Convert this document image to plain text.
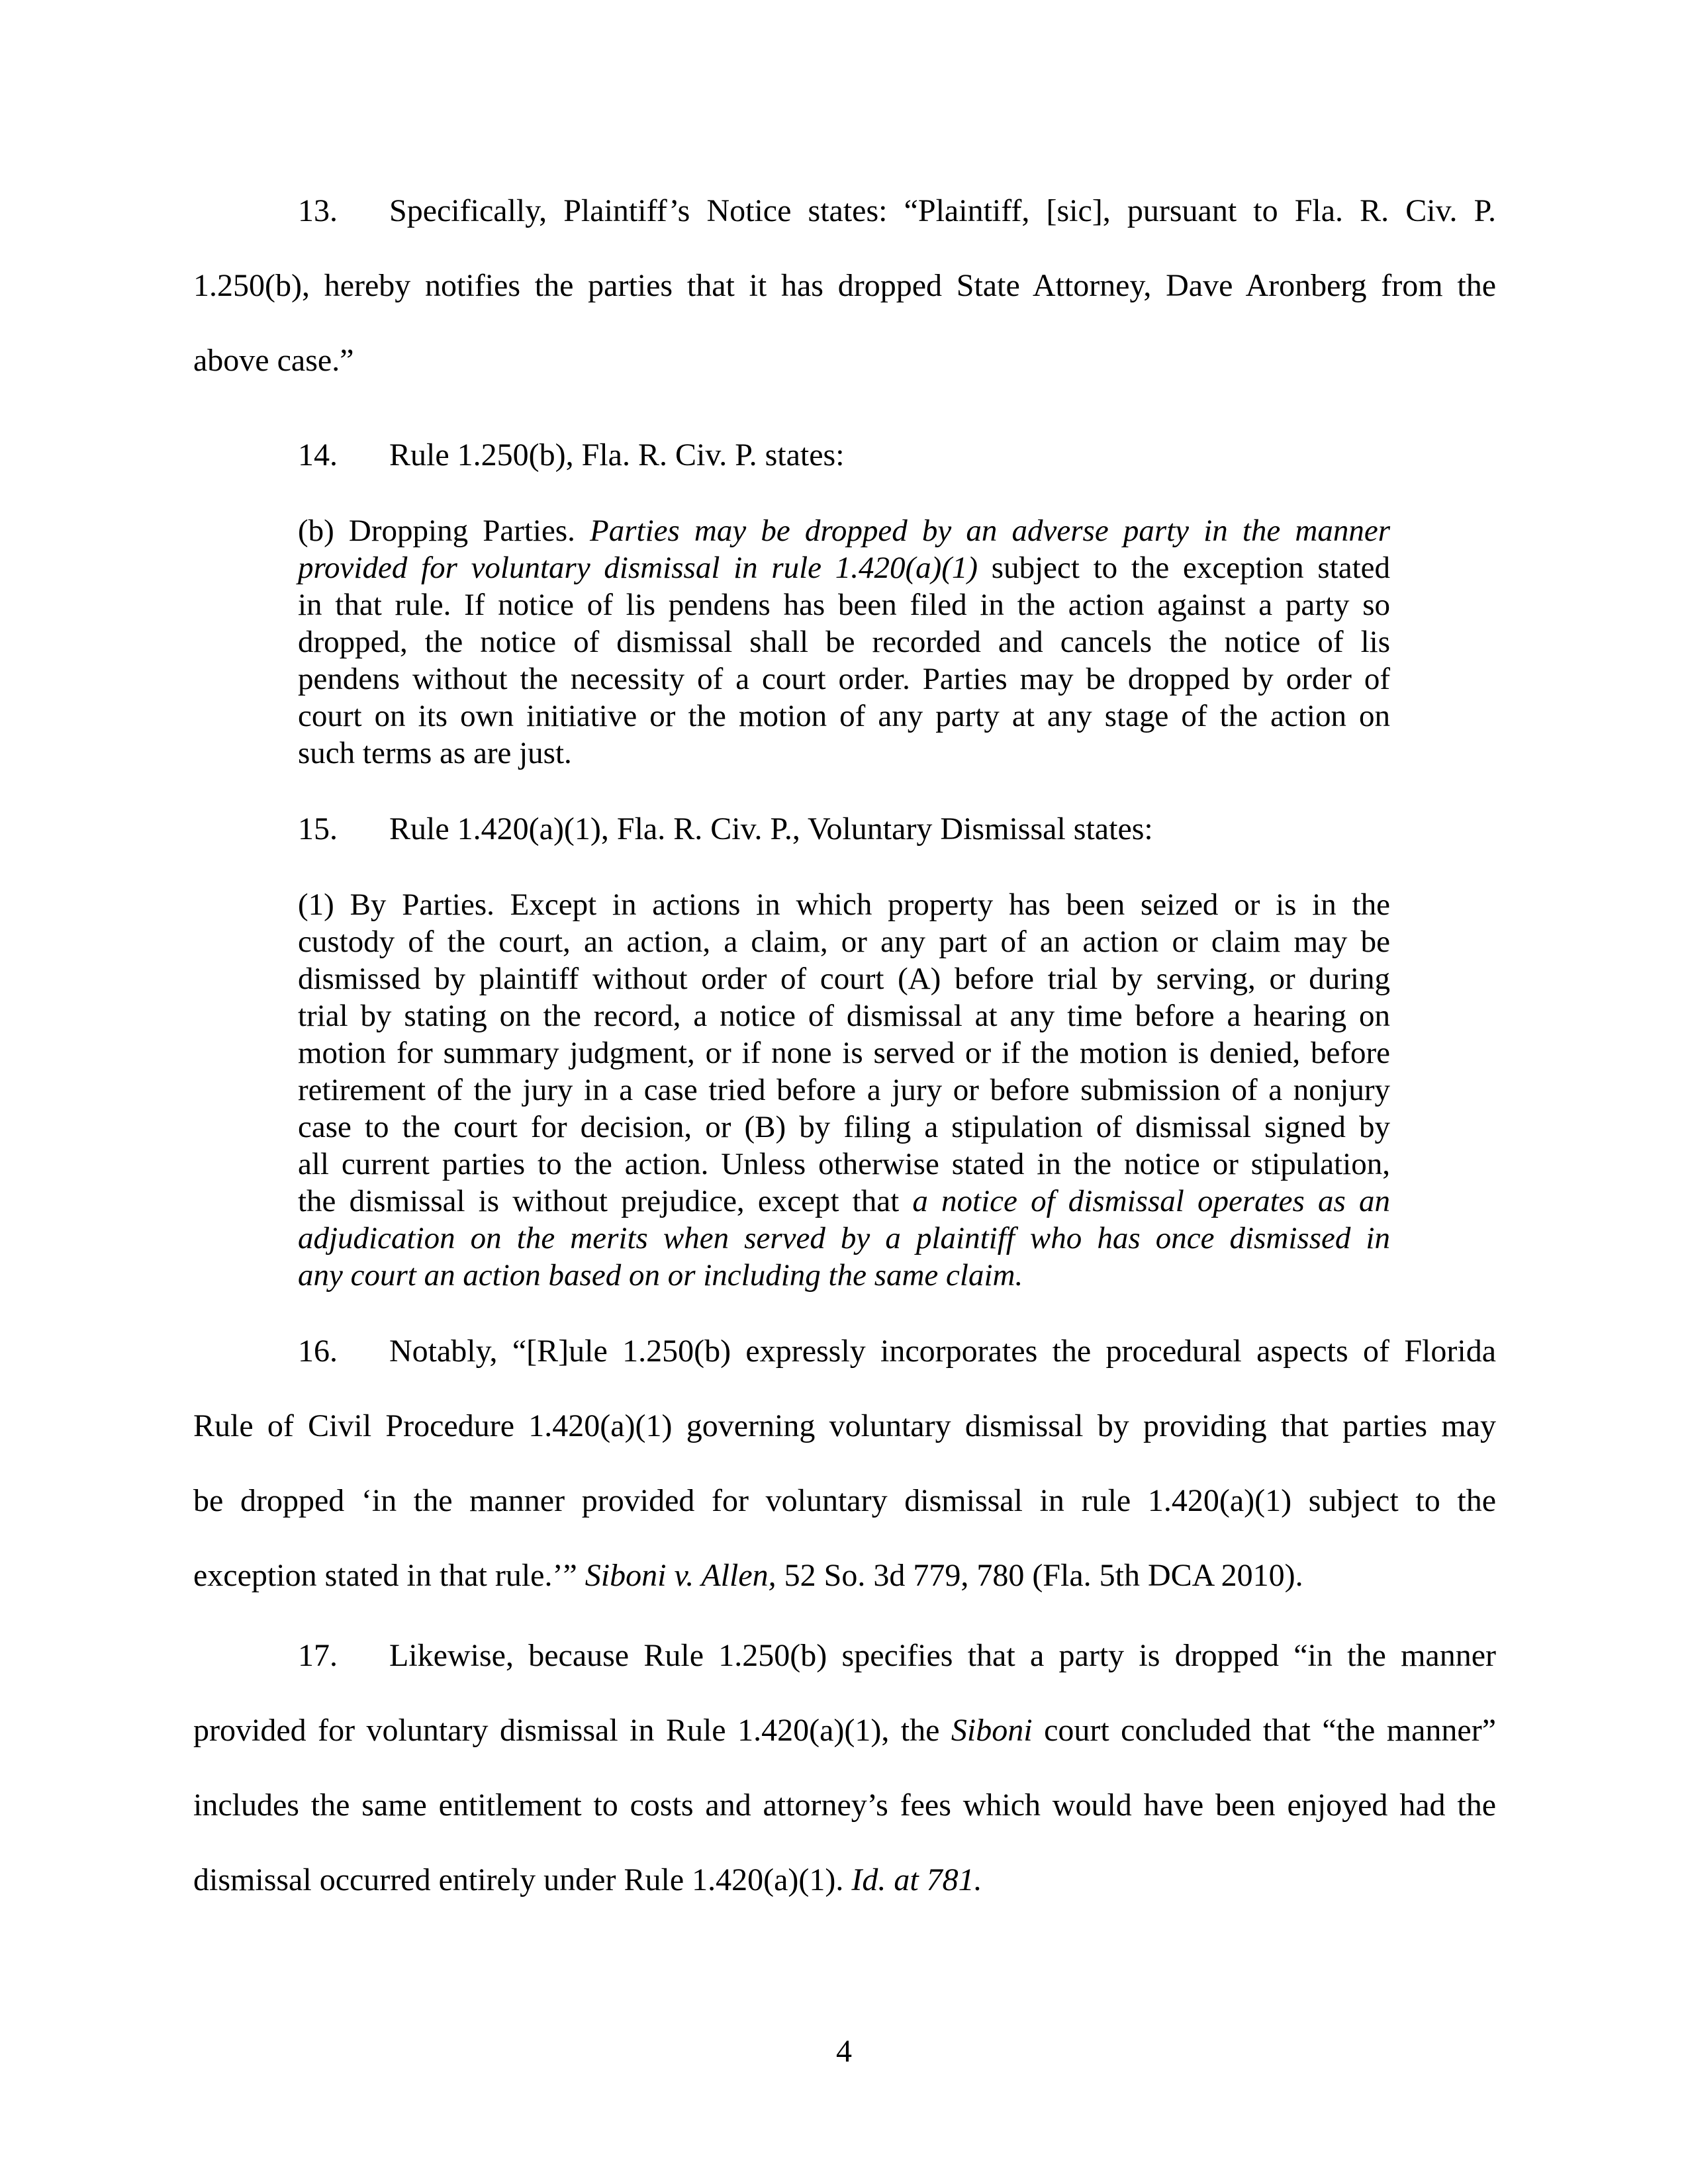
13. Specifically, Plaintiff’s Notice states: “Plaintiff, [sic], pursuant to Fla. R. Civ. P.
1.250(b), hereby notifies the parties that it has dropped State Attorney, Dave Aronberg from the
above case.”
14. Rule 1.250(b), Fla. R. Civ. P. states:
(b) Dropping Parties. Parties may be dropped by an adverse party in the manner
provided for voluntary dismissal in rule 1.420(a)(1) subject to the exception stated
in that rule. If notice of lis pendens has been filed in the action against a party so
dropped, the notice of dismissal shall be recorded and cancels the notice of lis
pendens without the necessity of a court order. Parties may be dropped by order of
court on its own initiative or the motion of any party at any stage of the action on
such terms as are just.
15. Rule 1.420(a)(1), Fla. R. Civ. P., Voluntary Dismissal states:
(1) By Parties. Except in actions in which property has been seized or is in the
custody of the court, an action, a claim, or any part of an action or claim may be
dismissed by plaintiff without order of court (A) before trial by serving, or during
trial by stating on the record, a notice of dismissal at any time before a hearing on
motion for summary judgment, or if none is served or if the motion is denied, before
retirement of the jury in a case tried before a jury or before submission of a nonjury
case to the court for decision, or (B) by filing a stipulation of dismissal signed by
all current parties to the action. Unless otherwise stated in the notice or stipulation,
the dismissal is without prejudice, except that a notice of dismissal operates as an
adjudication on the merits when served by a plaintiff who has once dismissed in
any court an action based on or including the same claim.
16. Notably, “[R]ule 1.250(b) expressly incorporates the procedural aspects of Florida
Rule of Civil Procedure 1.420(a)(1) governing voluntary dismissal by providing that parties may
be dropped ‘in the manner provided for voluntary dismissal in rule 1.420(a)(1) subject to the
exception stated in that rule.’” Siboni v. Allen, 52 So. 3d 779, 780 (Fla. 5th DCA 2010).
17. Likewise, because Rule 1.250(b) specifies that a party is dropped “in the manner
provided for voluntary dismissal in Rule 1.420(a)(1), the Siboni court concluded that “the manner”
includes the same entitlement to costs and attorney’s fees which would have been enjoyed had the
dismissal occurred entirely under Rule 1.420(a)(1). Id. at 781.
4
